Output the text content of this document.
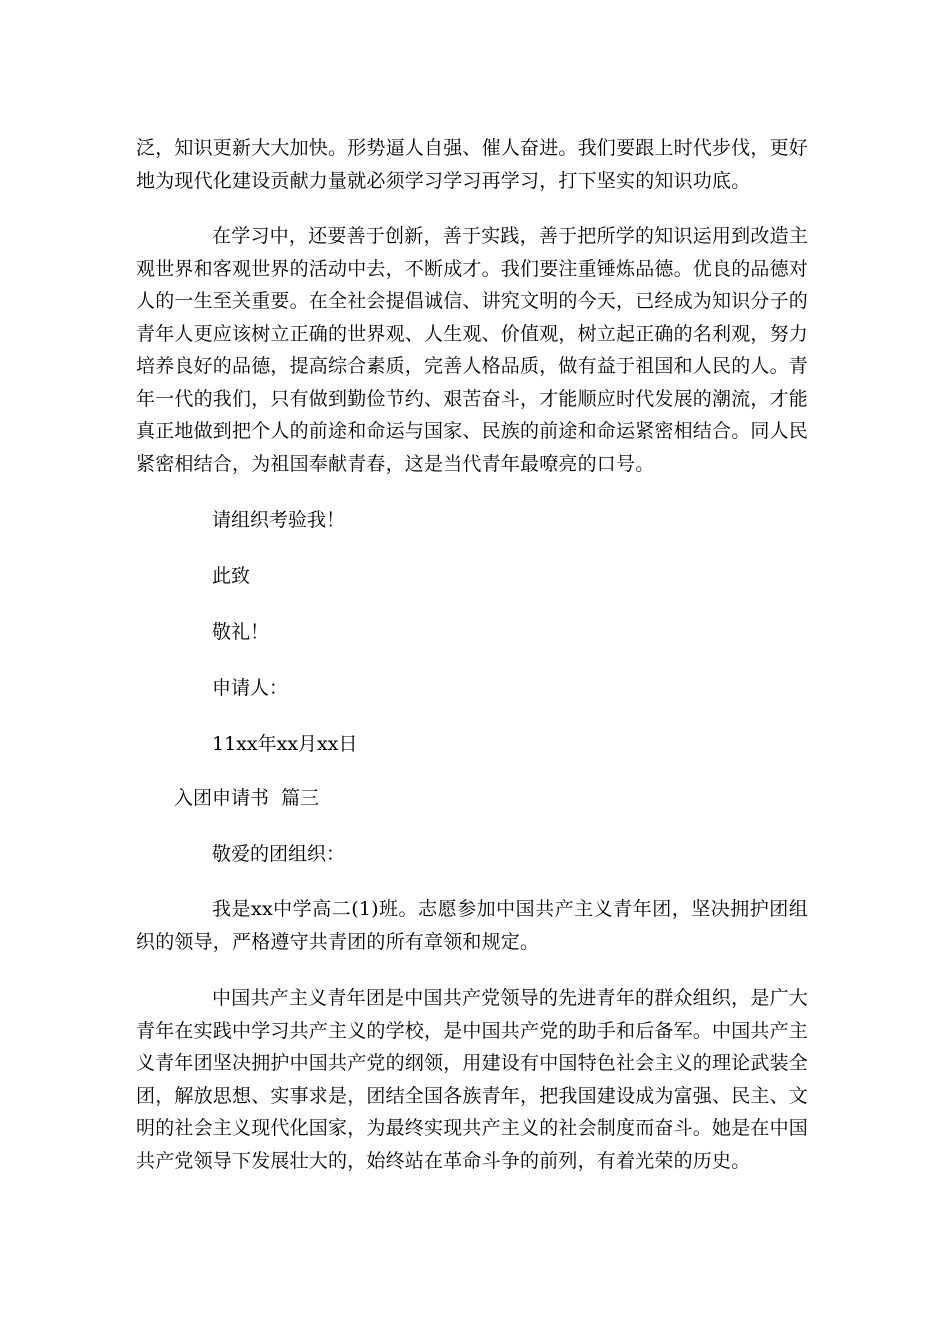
泛，知识更新大大加快。形势逼人自强、催人奋进。我们要跟上时代步伐，更好地为现代化建设贡献力量就必须学习学习再学习，打下坚实的知识功底。

在学习中，还要善于创新，善于实践，善于把所学的知识运用到改造主观世界和客观世界的活动中去，不断成才。我们要注重锤炼品德。优良的品德对人的一生至关重要。在全社会提倡诚信、讲究文明的今天，已经成为知识分子的青年人更应该树立正确的世界观、人生观、价值观，树立起正确的名利观，努力培养良好的品德，提高综合素质，完善人格品质，做有益于祖国和人民的人。青年一代的我们，只有做到勤俭节约、艰苦奋斗，才能顺应时代发展的潮流，才能真正地做到把个人的前途和命运与国家、民族的前途和命运紧密相结合。同人民紧密相结合，为祖国奉献青春，这是当代青年最嘹亮的口号。

请组织考验我！

此致

敬礼！

申请人：

11xx年xx月xx日

入团申请书  篇三

敬爱的团组织：

我是xx中学高二(1)班。志愿参加中国共产主义青年团，坚决拥护团组织的领导，严格遵守共青团的所有章领和规定。

中国共产主义青年团是中国共产党领导的先进青年的群众组织，是广大青年在实践中学习共产主义的学校，是中国共产党的助手和后备军。中国共产主义青年团坚决拥护中国共产党的纲领，用建设有中国特色社会主义的理论武装全团，解放思想、实事求是，团结全国各族青年，把我国建设成为富强、民主、文明的社会主义现代化国家，为最终实现共产主义的社会制度而奋斗。她是在中国共产党领导下发展壮大的，始终站在革命斗争的前列，有着光荣的历史。
